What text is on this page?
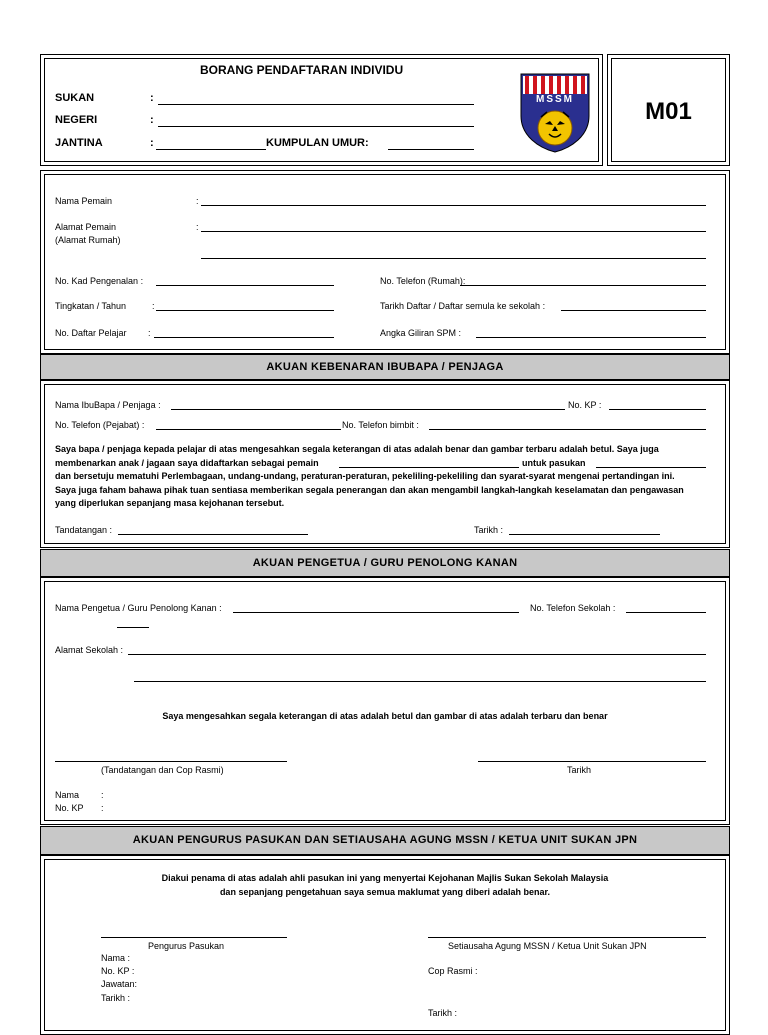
BORANG PENDAFTARAN INDIVIDU
SUKAN	:
NEGERI	:
JANTINA	:	KUMPULAN UMUR:
MSSM	M01
Nama Pemain	:
Alamat Pemain
(Alamat Rumah)
:
No. Kad Pengenalan :	No. Telefon (Rumah):
Tingkatan / Tahun	:	Tarikh Daftar / Daftar semula ke sekolah :
No. Daftar Pelajar :	Angka Giliran SPM :
AKUAN KEBENARAN IBUBAPA / PENJAGA
Nama IbuBapa / Penjaga :	No. KP :
No. Telefon (Pejabat) :	No. Telefon bimbit :
Saya bapa / penjaga kepada pelajar di atas mengesahkan segala keterangan di atas adalah benar dan gambar terbaru adalah betul. Saya juga
membenarkan anak / jagaan saya didaftarkan sebagai pemain	untuk pasukan
dan bersetuju mematuhi Perlembagaan, undang-undang, peraturan-peraturan, pekeliling-pekeliling dan syarat-syarat mengenai pertandingan ini.
Saya juga faham bahawa pihak tuan sentiasa memberikan segala penerangan dan akan mengambil langkah-langkah keselamatan dan pengawasan
yang diperlukan sepanjang masa kejohanan tersebut.
Tandatangan :	Tarikh :
AKUAN PENGETUA / GURU PENOLONG KANAN
Nama Pengetua / Guru Penolong Kanan :	No. Telefon Sekolah :
Alamat Sekolah :
Saya mengesahkan segala keterangan di atas adalah betul dan gambar di atas adalah terbaru dan benar
(Tandatangan dan Cop Rasmi)	Tarikh
Nama :
No. KP :
AKUAN PENGURUS PASUKAN DAN SETIAUSAHA AGUNG MSSN / KETUA UNIT SUKAN JPN
Diakui penama di atas adalah ahli pasukan ini yang menyertai Kejohanan Majlis Sukan Sekolah Malaysia
dan sepanjang pengetahuan saya semua maklumat yang diberi adalah benar.
Pengurus Pasukan	Setiausaha Agung MSSN / Ketua Unit Sukan JPN
Nama :
No. KP :
Jawatan:
Tarikh :
Cop Rasmi :
Tarikh :
